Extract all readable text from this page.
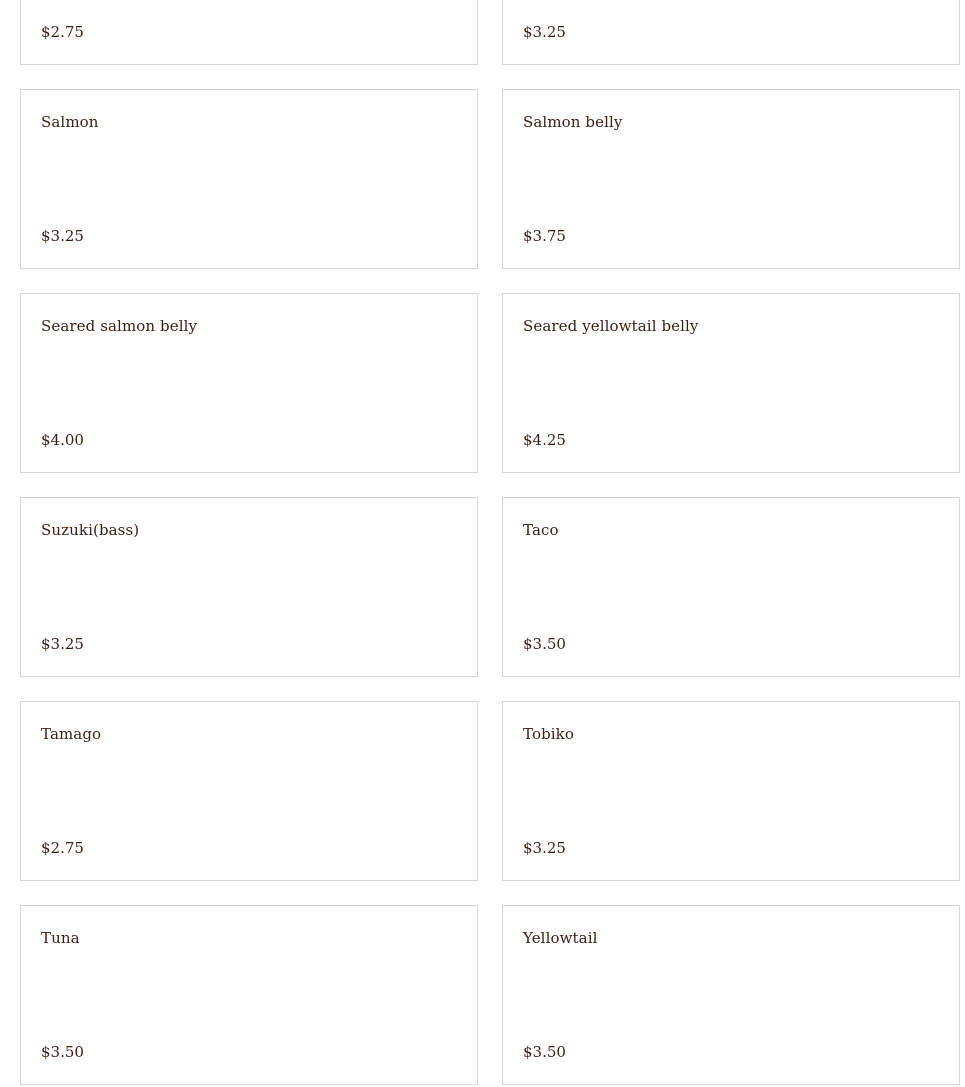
$2.75	$3.25
Salmon
$3.25
Salmon belly
$3.75
Seared salmon belly
$4.00
Seared yellowtail belly
$4.25
Suzuki(bass)
$3.25
Taco
$3.50
Tamago
$2.75
Tobiko
$3.25
Tuna
$3.50
Yellowtail
$3.50
